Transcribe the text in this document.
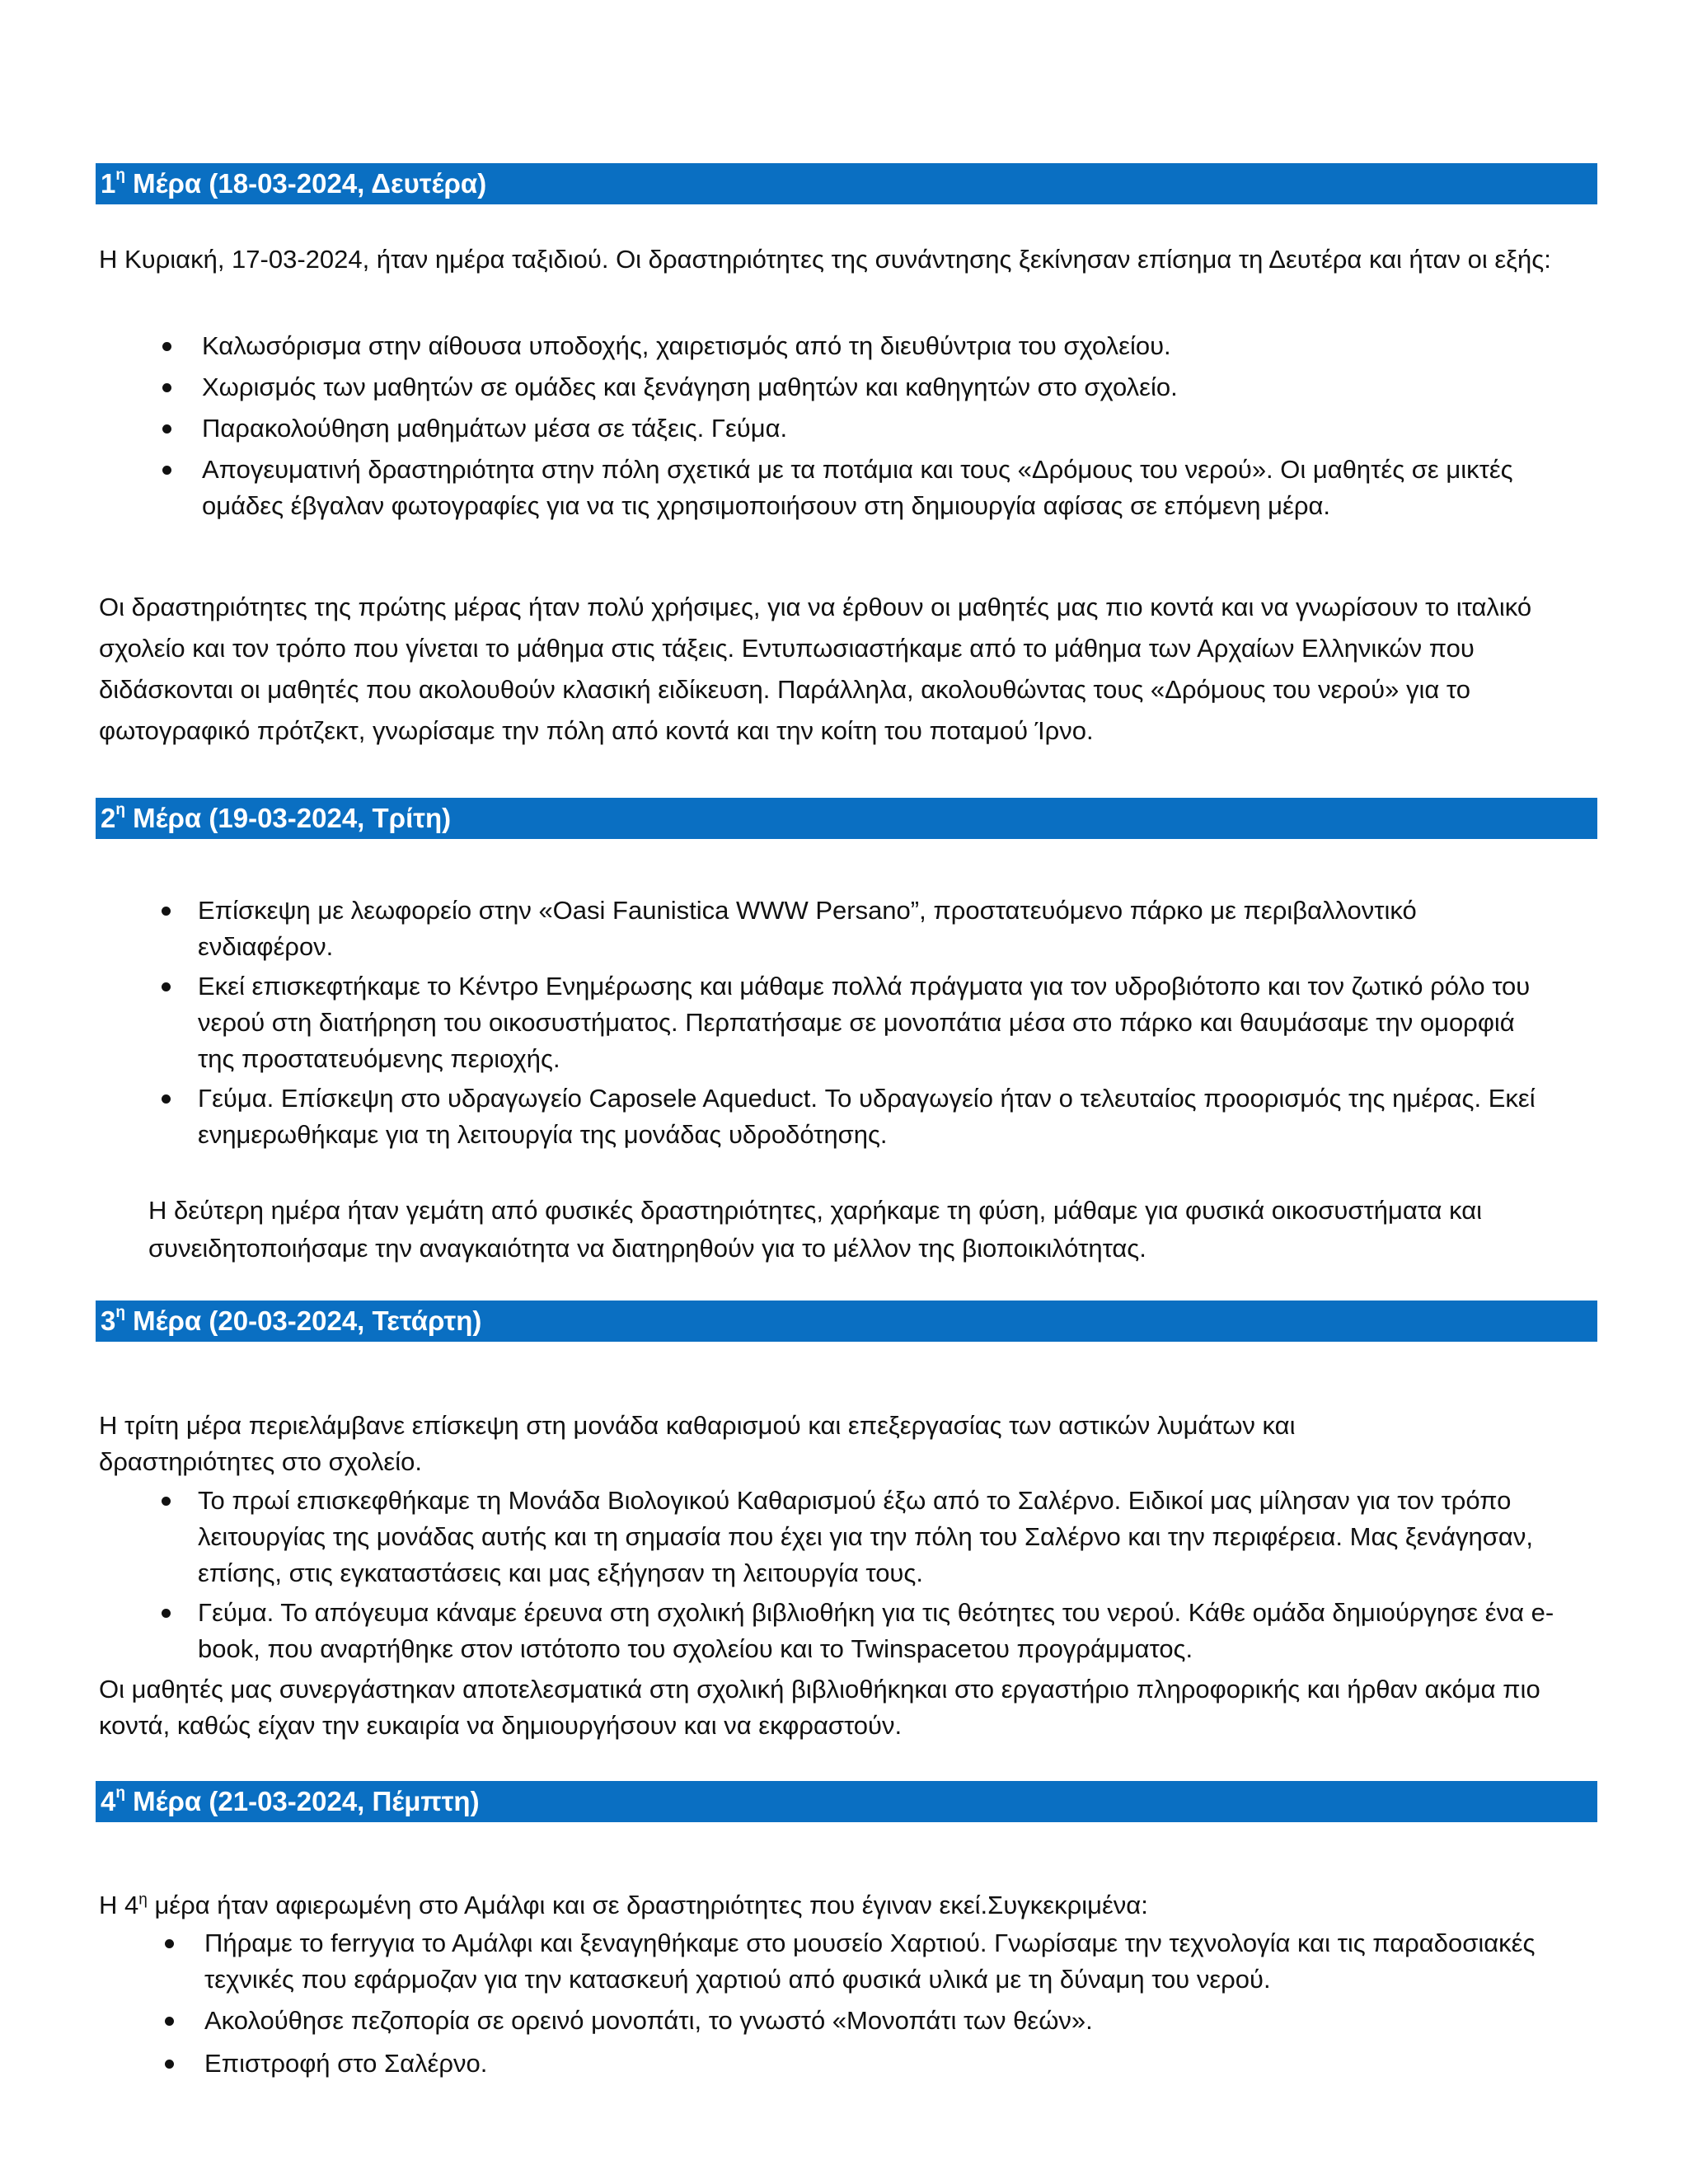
$1^\eta$ Μέρα (18-03-2024, Δευτέρα)

Η Κυριακή, 17-03-2024, ήταν ημέρα ταξιδιού. Οι δραστηριότητες της συνάντησης ξεκίνησαν επίσημα τη Δευτέρα και ήταν οι εξής:

Καλωσόρισμα στην αίθουσα υποδοχής, χαιρετισμός από τη διευθύντρια του σχολείου.
Χωρισμός των μαθητών σε ομάδες και ξενάγηση μαθητών και καθηγητών στο σχολείο.
Παρακολούθηση μαθημάτων μέσα σε τάξεις. Γεύμα.
Απογευματινή δραστηριότητα στην πόλη σχετικά με τα ποτάμια και τους «Δρόμους του νερού». Οι μαθητές σε μικτές ομάδες έβγαλαν φωτογραφίες για να τις χρησιμοποιήσουν στη δημιουργία αφίσας σε επόμενη μέρα.

Οι δραστηριότητες της πρώτης μέρας ήταν πολύ χρήσιμες, για να έρθουν οι μαθητές μας πιο κοντά και να γνωρίσουν το ιταλικό σχολείο και τον τρόπο που γίνεται το μάθημα στις τάξεις. Εντυπωσιαστήκαμε από το μάθημα των Αρχαίων Ελληνικών που διδάσκονται οι μαθητές που ακολουθούν κλασική ειδίκευση. Παράλληλα, ακολουθώντας τους «Δρόμους του νερού» για το φωτογραφικό πρότζεκτ, γνωρίσαμε την πόλη από κοντά και την κοίτη του ποταμού Ίρνο.

$2^\eta$ Μέρα (19-03-2024, Τρίτη)
Επίσκεψη με λεωφορείο στην «Oasi Faunistica WWW Persano”, προστατευόμενο πάρκο με περιβαλλοντικό ενδιαφέρον.
Εκεί επισκεφτήκαμε το Κέντρο Ενημέρωσης και μάθαμε πολλά πράγματα για τον υδροβιότοπο και τον ζωτικό ρόλο του νερού στη διατήρηση του οικοσυστήματος. Περπατήσαμε σε μονοπάτια μέσα στο πάρκο και θαυμάσαμε την ομορφιά της προστατευόμενης περιοχής.
Γεύμα. Επίσκεψη στο υδραγωγείο Caposele Aqueduct. Το υδραγωγείο ήταν ο τελευταίος προορισμός της ημέρας. Εκεί ενημερωθήκαμε για τη λειτουργία της μονάδας υδροδότησης.

Η δεύτερη ημέρα ήταν γεμάτη από φυσικές δραστηριότητες, χαρήκαμε τη φύση, μάθαμε για φυσικά οικοσυστήματα και συνειδητοποιήσαμε την αναγκαιότητα να διατηρηθούν για το μέλλον της βιοποικιλότητας.

$3^\eta$ Μέρα (20-03-2024, Τετάρτη)

Η τρίτη μέρα περιελάμβανε επίσκεψη στη μονάδα καθαρισμού και επεξεργασίας των αστικών λυμάτων και δραστηριότητες στο σχολείο.

Το πρωί επισκεφθήκαμε τη Μονάδα Βιολογικού Καθαρισμού έξω από το Σαλέρνο. Ειδικοί μας μίλησαν για τον τρόπο λειτουργίας της μονάδας αυτής και τη σημασία που έχει για την πόλη του Σαλέρνο και την περιφέρεια. Μας ξενάγησαν, επίσης, στις εγκαταστάσεις και μας εξήγησαν τη λειτουργία τους.
Γεύμα. Το απόγευμα κάναμε έρευνα στη σχολική βιβλιοθήκη για τις θεότητες του νερού. Κάθε ομάδα δημιούργησε ένα e-book, που αναρτήθηκε στον ιστότοπο του σχολείου και το Twinspaceτου προγράμματος.

Οι μαθητές μας συνεργάστηκαν αποτελεσματικά στη σχολική βιβλιοθήκηκαι στο εργαστήριο πληροφορικής και ήρθαν ακόμα πιο κοντά, καθώς είχαν την ευκαιρία να δημιουργήσουν και να εκφραστούν.

$4^\eta$ Μέρα (21-03-2024, Πέμπτη)

Η $4^\eta$ μέρα ήταν αφιερωμένη στο Αμάλφι και σε δραστηριότητες που έγιναν εκεί.Συγκεκριμένα:

Πήραμε το ferryγια το Αμάλφι και ξεναγηθήκαμε στο μουσείο Χαρτιού. Γνωρίσαμε την τεχνολογία και τις παραδοσιακές τεχνικές που εφάρμοζαν για την κατασκευή χαρτιού από φυσικά υλικά με τη δύναμη του νερού.
Ακολούθησε πεζοπορία σε ορεινό μονοπάτι, το γνωστό «Μονοπάτι των θεών».
Επιστροφή στο Σαλέρνο.
